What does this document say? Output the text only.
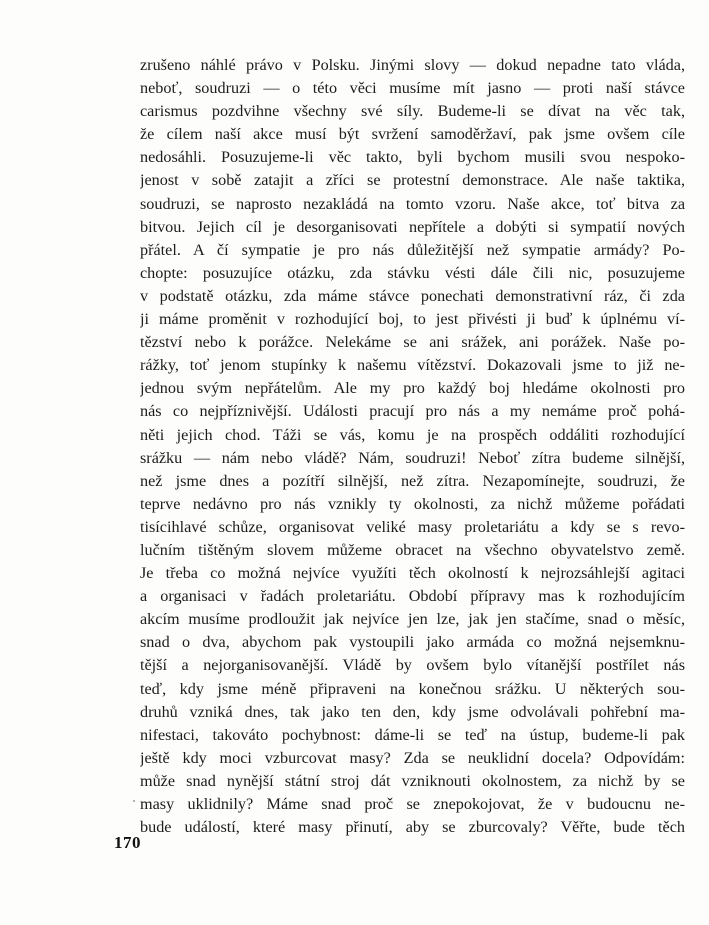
zrušeno náhlé právo v Polsku. Jinými slovy — dokud nepadne tato vláda,
neboť, soudruzi — o této věci musíme mít jasno — proti naší stávce
carismus pozdvihne všechny své síly. Budeme-li se dívat na věc tak,
že cílem naší akce musí být svržení samoděržaví, pak jsme ovšem cíle
nedosáhli. Posuzujeme-li věc takto, byli bychom musili svou nespoko-
jenost v sobě zatajit a zříci se protestní demonstrace. Ale naše taktika,
soudruzi, se naprosto nezakládá na tomto vzoru. Naše akce, toť bitva za
bitvou. Jejich cíl je desorganisovati nepřítele a dobýti si sympatií nových
přátel. A čí sympatie je pro nás důležitější než sympatie armády? Po-
chopte: posuzujíce otázku, zda stávku vésti dále čili nic, posuzujeme
v podstatě otázku, zda máme stávce ponechati demonstrativní ráz, či zda
ji máme proměnit v rozhodující boj, to jest přivésti ji buď k úplnému ví-
tězství nebo k porážce. Nelekáme se ani srážek, ani porážek. Naše po-
rážky, toť jenom stupínky k našemu vítězství. Dokazovali jsme to již ne-
jednou svým nepřátelům. Ale my pro každý boj hledáme okolnosti pro
nás co nejpříznivější. Události pracují pro nás a my nemáme proč pohá-
něti jejich chod. Táži se vás, komu je na prospěch oddáliti rozhodující
srážku — nám nebo vládě? Nám, soudruzi! Neboť zítra budeme silnější,
než jsme dnes a pozítří silnější, než zítra. Nezapomínejte, soudruzi, že
teprve nedávno pro nás vznikly ty okolnosti, za nichž můžeme pořádati
tisícihlavé schůze, organisovat veliké masy proletariátu a kdy se s revo-
lučním tištěným slovem můžeme obracet na všechno obyvatelstvo země.
Je třeba co možná nejvíce využíti těch okolností k nejrozsáhlejší agitaci
a organisaci v řadách proletariátu. Období přípravy mas k rozhodujícím
akcím musíme prodloužit jak nejvíce jen lze, jak jen stačíme, snad o měsíc,
snad o dva, abychom pak vystoupili jako armáda co možná nejsemknu-
tější a nejorganisovanější. Vládě by ovšem bylo vítanější postřílet nás
teď, kdy jsme méně připraveni na konečnou srážku. U některých sou-
druhů vzniká dnes, tak jako ten den, kdy jsme odvolávali pohřební ma-
nifestaci, takováto pochybnost: dáme-li se teď na ústup, budeme-li pak
ještě kdy moci vzburcovat masy? Zda se neuklidní docela? Odpovídám:
může snad nynější státní stroj dát vzniknouti okolnostem, za nichž by se
masy uklidnily? Máme snad proč se znepokojovat, že v budoucnu ne-
bude událostí, které masy přinutí, aby se zburcovaly? Věřte, bude těch
170
